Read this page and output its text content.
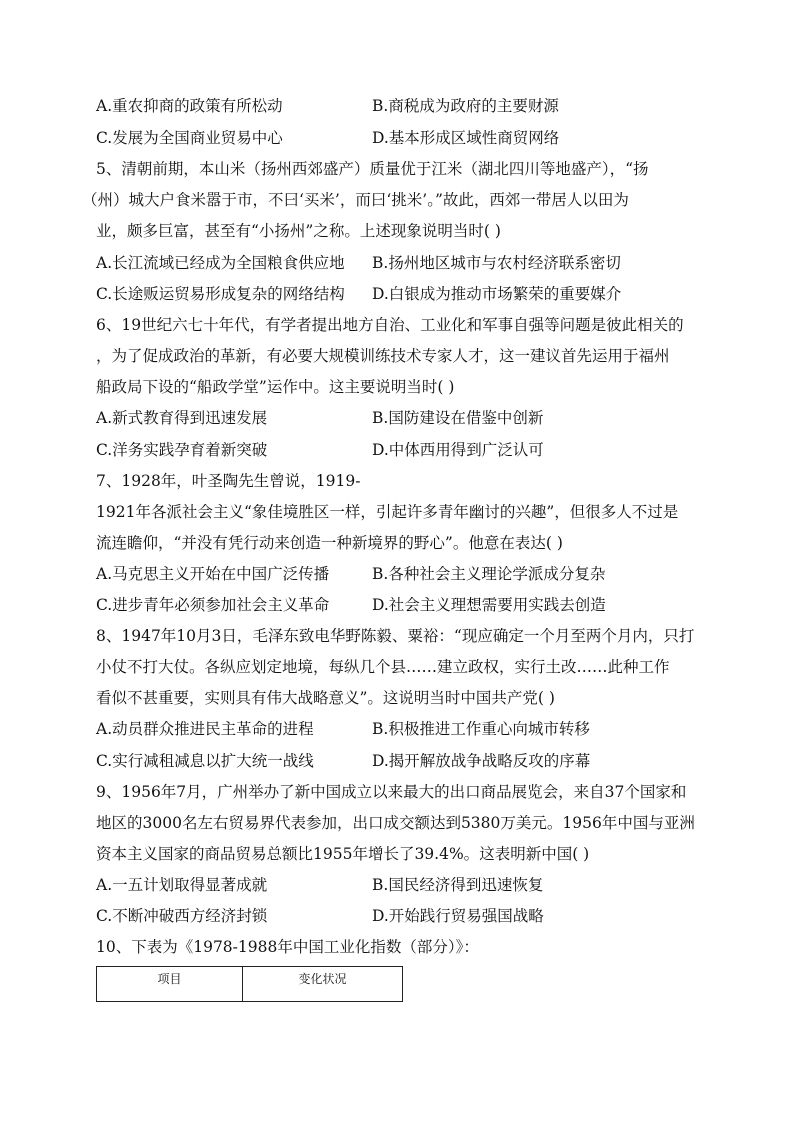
A.重农抑商的政策有所松动	B.商税成为政府的主要财源
C.发展为全国商业贸易中心	D.基本形成区域性商贸网络
5、清朝前期，本山米（扬州西郊盛产）质量优于江米（湖北四川等地盛产），“扬
（州）城大户食米嚣于市，不曰‘买米’，而曰‘挑米’。”故此，西郊一带居人以田为
业，颇多巨富，甚至有“小扬州”之称。上述现象说明当时( )
A.长江流域已经成为全国粮食供应地 B.扬州地区城市与农村经济联系密切
C.长途贩运贸易形成复杂的网络结构 D.白银成为推动市场繁荣的重要媒介
6、19世纪六七十年代，有学者提出地方自治、工业化和军事自强等问题是彼此相关的
，为了促成政治的革新，有必要大规模训练技术专家人才，这一建议首先运用于福州
船政局下设的“船政学堂”运作中。这主要说明当时( )
A.新式教育得到迅速发展	B.国防建设在借鉴中创新
C.洋务实践孕育着新突破	D.中体西用得到广泛认可
7、1928年，叶圣陶先生曾说，1919-
1921年各派社会主义“象佳境胜区一样，引起许多青年幽讨的兴趣”，但很多人不过是
流连瞻仰，“并没有凭行动来创造一种新境界的野心”。他意在表达( )
A.马克思主义开始在中国广泛传播	B.各种社会主义理论学派成分复杂
C.进步青年必须参加社会主义革命	D.社会主义理想需要用实践去创造
8、1947年10月3日，毛泽东致电华野陈毅、粟裕：“现应确定一个月至两个月内，只打
小仗不打大仗。各纵应划定地境，每纵几个县……建立政权，实行土改……此种工作
看似不甚重要，实则具有伟大战略意义”。这说明当时中国共产党( )
A.动员群众推进民主革命的进程	B.积极推进工作重心向城市转移
C.实行减租减息以扩大统一战线	D.揭开解放战争战略反攻的序幕
9、1956年7月，广州举办了新中国成立以来最大的出口商品展览会，来自37个国家和
地区的3000名左右贸易界代表参加，出口成交额达到5380万美元。1956年中国与亚洲
资本主义国家的商品贸易总额比1955年增长了39.4%。这表明新中国( )
A.一五计划取得显著成就	B.国民经济得到迅速恢复
C.不断冲破西方经济封锁	D.开始践行贸易强国战略
10、下表为《1978-1988年中国工业化指数（部分）》：
项目	变化状况
